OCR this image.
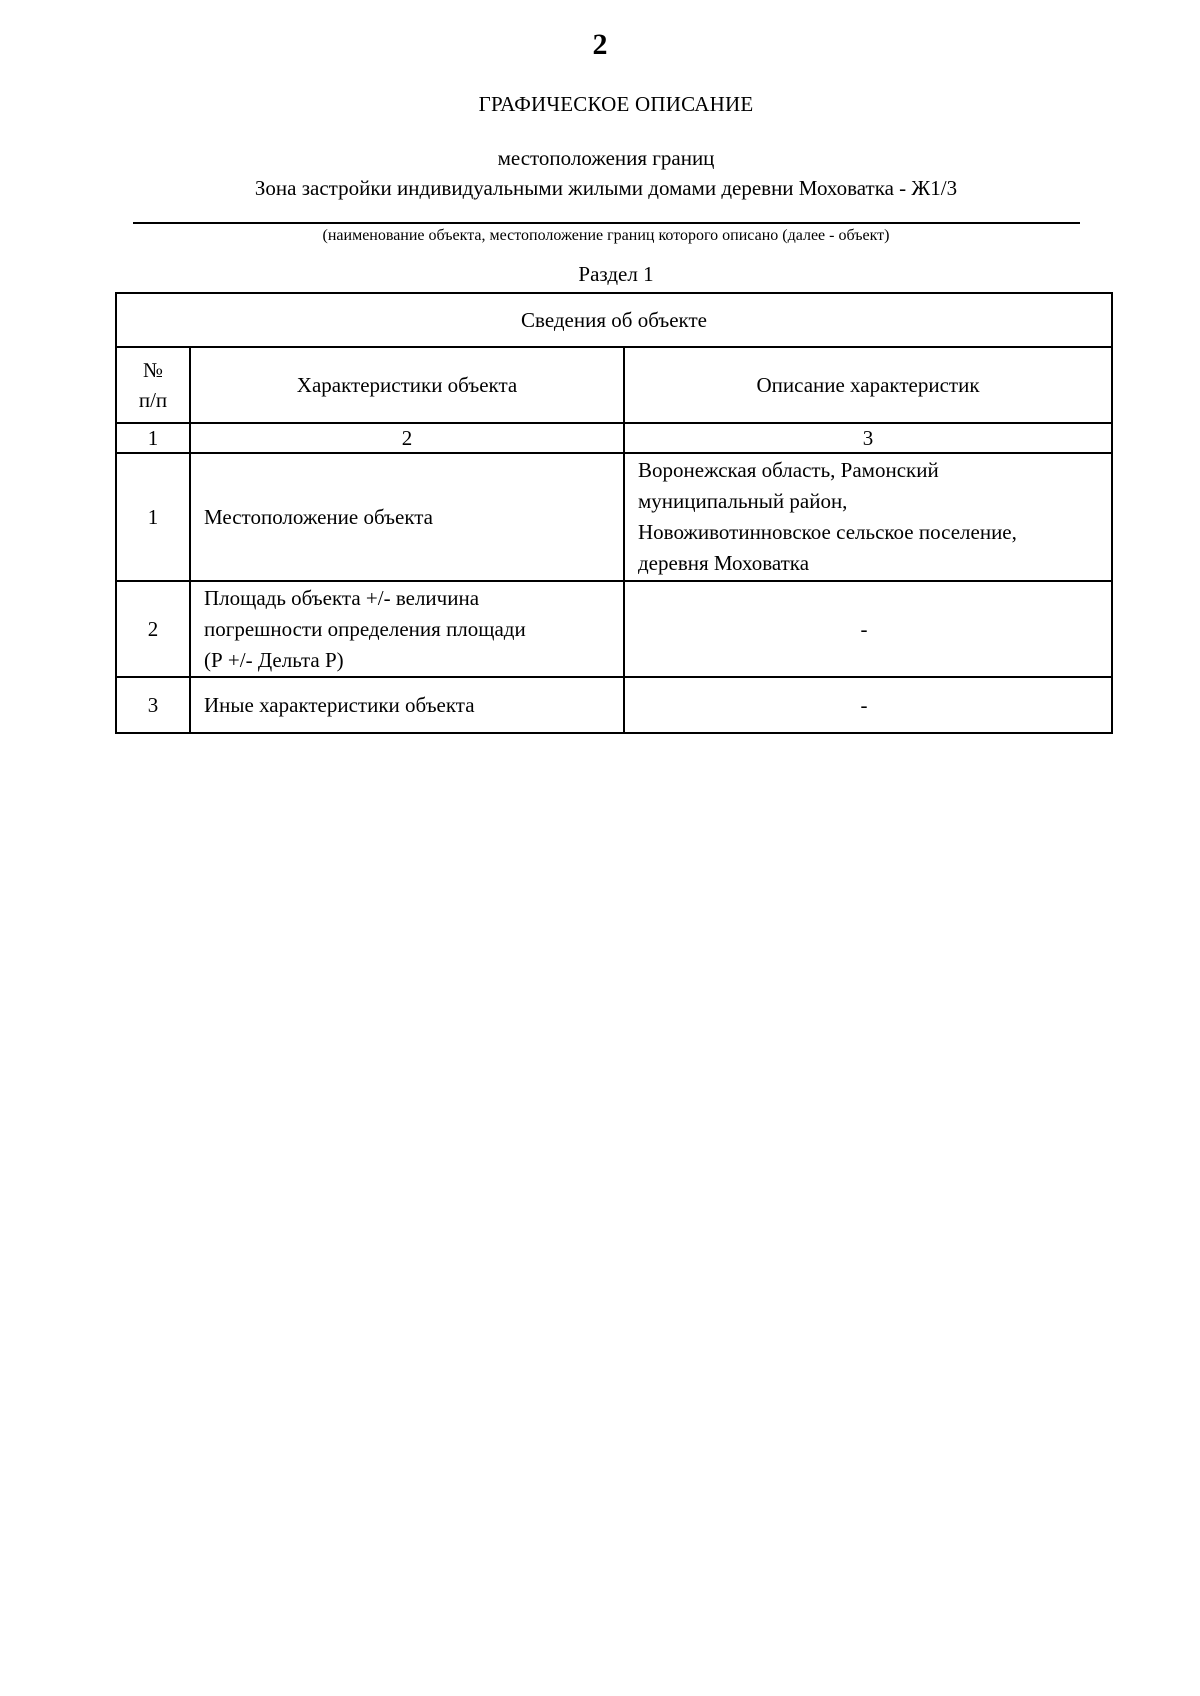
2
ГРАФИЧЕСКОЕ ОПИСАНИЕ
местоположения границ
Зона застройки индивидуальными жилыми домами деревни Моховатка - Ж1/3
(наименование объекта, местоположение границ которого описано (далее - объект)
Раздел 1
Сведения об объекте		

№
п/п	Характеристики объекта	Описание характеристик
1	2	3
1	Местоположение объекта	Воронежская область, Рамонский
муниципальный район,
Новоживотинновское сельское поселение,
деревня Моховатка

2	Площадь объекта +/- величина
погрешности определения площади
(Р +/- Дельта Р)	-
3	Иные характеристики объекта	-
